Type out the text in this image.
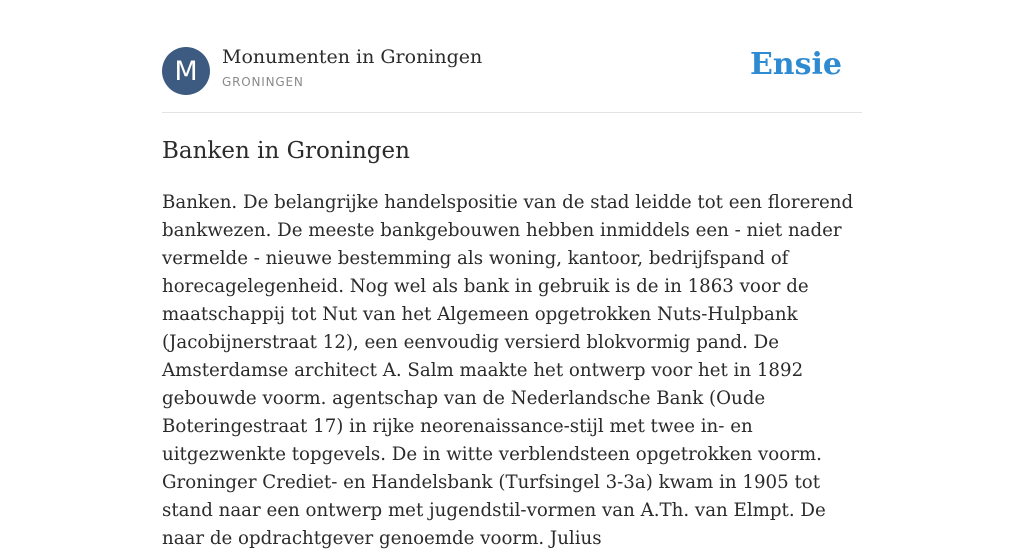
M	Monumenten in Groningen
GRONINGEN	Ensie
Banken in Groningen

Banken. De belangrijke handelspositie van de stad leidde tot een florerend bankwezen. De meeste bankgebouwen hebben inmiddels een - niet nader vermelde - nieuwe bestemming als woning, kantoor, bedrijfspand of horecagelegenheid. Nog wel als bank in gebruik is de in 1863 voor de maatschappij tot Nut van het Algemeen opgetrokken Nuts-Hulpbank (Jacobijnerstraat 12), een eenvoudig versierd blokvormig pand. De Amsterdamse architect A. Salm maakte het ontwerp voor het in 1892 gebouwde voorm. agentschap van de Nederlandsche Bank (Oude Boteringestraat 17) in rijke neorenaissance-stijl met twee in- en uitgezwenkte topgevels. De in witte verblendsteen opgetrokken voorm. Groninger Crediet- en Handelsbank (Turfsingel 3-3a) kwam in 1905 tot stand naar een ontwerp met jugendstil-vormen van A.Th. van Elmpt. De naar de opdrachtgever genoemde voorm. Julius
